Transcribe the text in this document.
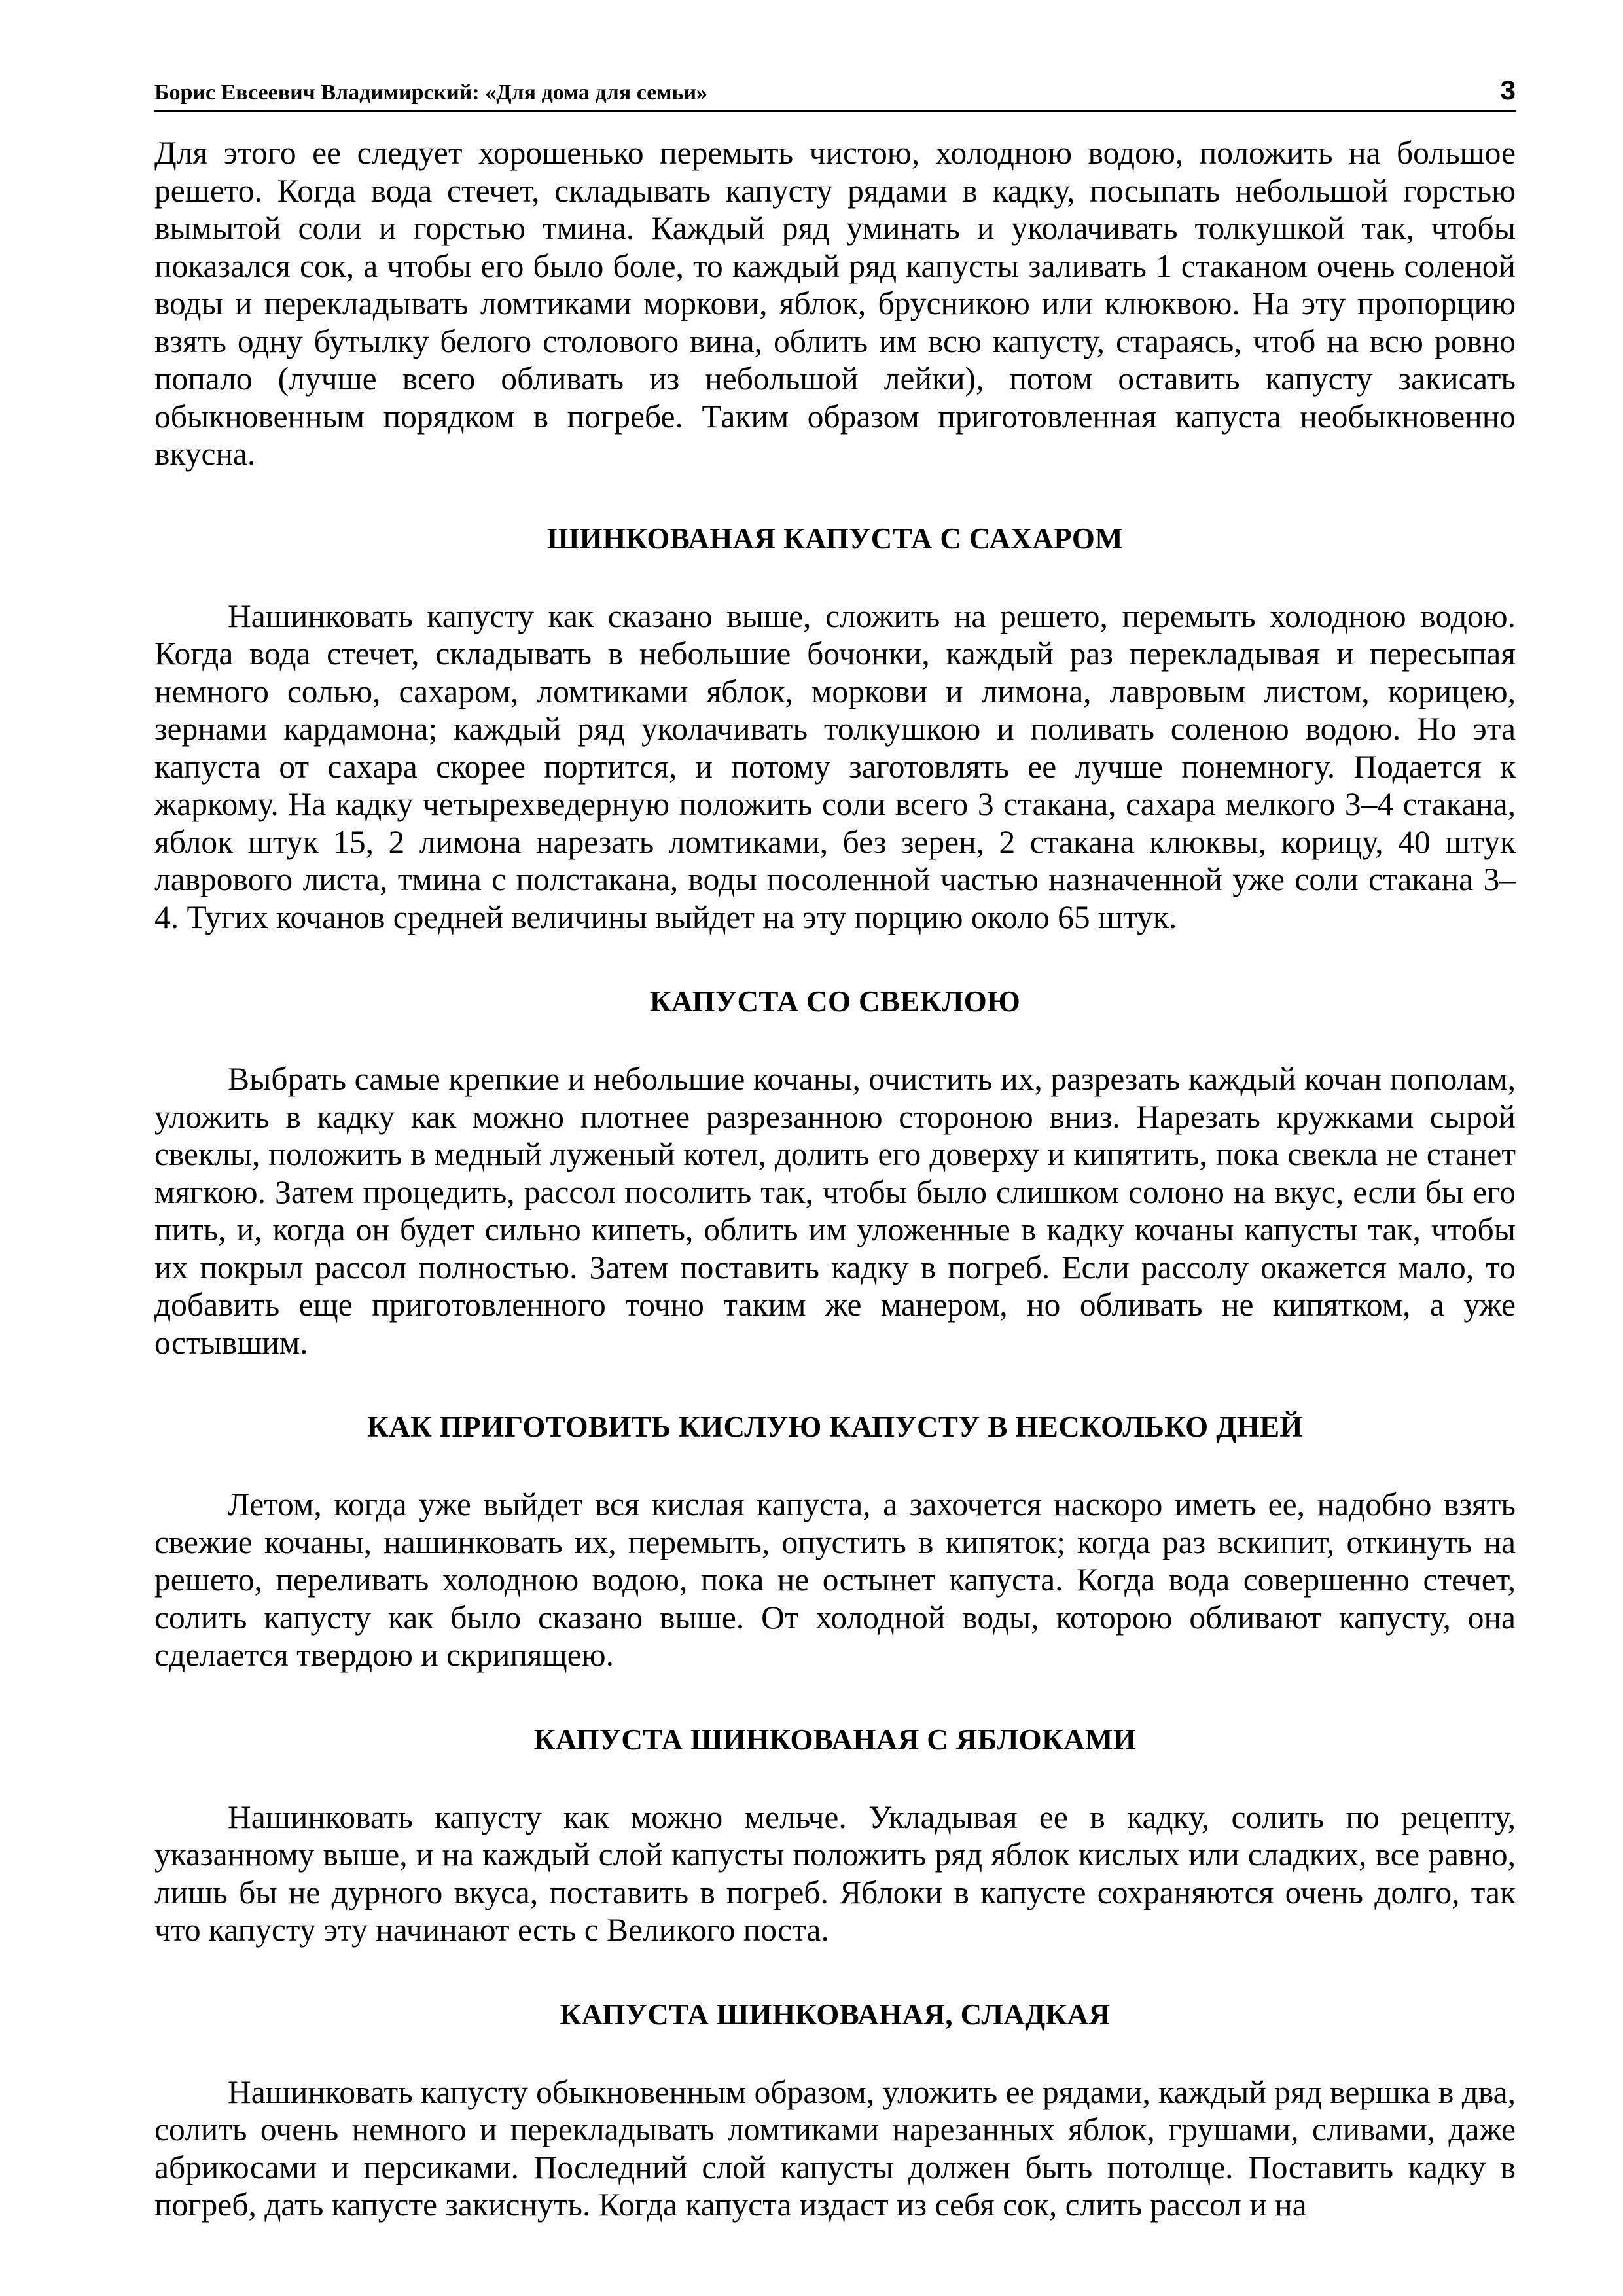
Борис Евсеевич Владимирский: «Для дома для семьи»	3

Для этого ее следует хорошенько перемыть чистою, холодною водою, положить на большое решето. Когда вода стечет, складывать капусту рядами в кадку, посыпать небольшой горстью вымытой соли и горстью тмина. Каждый ряд уминать и уколачивать толкушкой так, чтобы показался сок, а чтобы его было боле, то каждый ряд капусты заливать 1 стаканом очень соленой воды и перекладывать ломтиками моркови, яблок, брусникою или клюквою. На эту пропорцию взять одну бутылку белого столового вина, облить им всю капусту, стараясь, чтоб на всю ровно попало (лучше всего обливать из небольшой лейки), потом оставить капусту закисать обыкновенным порядком в погребе. Таким образом приготовленная капуста необыкновенно вкусна.

ШИНКОВАНАЯ КАПУСТА С САХАРОМ

Нашинковать капусту как сказано выше, сложить на решето, перемыть холодною водою. Когда вода стечет, складывать в небольшие бочонки, каждый раз перекладывая и пересыпая немного солью, сахаром, ломтиками яблок, моркови и лимона, лавровым листом, корицею, зернами кардамона; каждый ряд уколачивать толкушкою и поливать соленою водою. Но эта капуста от сахара скорее портится, и потому заготовлять ее лучше понемногу. Подается к жаркому. На кадку четырехведерную положить соли всего 3 стакана, сахара мелкого 3–4 стакана, яблок штук 15, 2 лимона нарезать ломтиками, без зерен, 2 стакана клюквы, корицу, 40 штук лаврового листа, тмина с полстакана, воды посоленной частью назначенной уже соли стакана 3–4. Тугих кочанов средней величины выйдет на эту порцию около 65 штук.

КАПУСТА СО СВЕКЛОЮ

Выбрать самые крепкие и небольшие кочаны, очистить их, разрезать каждый кочан пополам, уложить в кадку как можно плотнее разрезанною стороною вниз. Нарезать кружками сырой свеклы, положить в медный луженый котел, долить его доверху и кипятить, пока свекла не станет мягкою. Затем процедить, рассол посолить так, чтобы было слишком солоно на вкус, если бы его пить, и, когда он будет сильно кипеть, облить им уложенные в кадку кочаны капусты так, чтобы их покрыл рассол полностью. Затем поставить кадку в погреб. Если рассолу окажется мало, то добавить еще приготовленного точно таким же манером, но обливать не кипятком, а уже остывшим.

КАК ПРИГОТОВИТЬ КИСЛУЮ КАПУСТУ В НЕСКОЛЬКО ДНЕЙ

Летом, когда уже выйдет вся кислая капуста, а захочется наскоро иметь ее, надобно взять свежие кочаны, нашинковать их, перемыть, опустить в кипяток; когда раз вскипит, откинуть на решето, переливать холодною водою, пока не остынет капуста. Когда вода совершенно стечет, солить капусту как было сказано выше. От холодной воды, которою обливают капусту, она сделается твердою и скрипящею.

КАПУСТА ШИНКОВАНАЯ С ЯБЛОКАМИ

Нашинковать капусту как можно мельче. Укладывая ее в кадку, солить по рецепту, указанному выше, и на каждый слой капусты положить ряд яблок кислых или сладких, все равно, лишь бы не дурного вкуса, поставить в погреб. Яблоки в капусте сохраняются очень долго, так что капусту эту начинают есть с Великого поста.

КАПУСТА ШИНКОВАНАЯ, СЛАДКАЯ

Нашинковать капусту обыкновенным образом, уложить ее рядами, каждый ряд вершка в два, солить очень немного и перекладывать ломтиками нарезанных яблок, грушами, сливами, даже абрикосами и персиками. Последний слой капусты должен быть потолще. Поставить кадку в погреб, дать капусте закиснуть. Когда капуста издаст из себя сок, слить рассол и на
